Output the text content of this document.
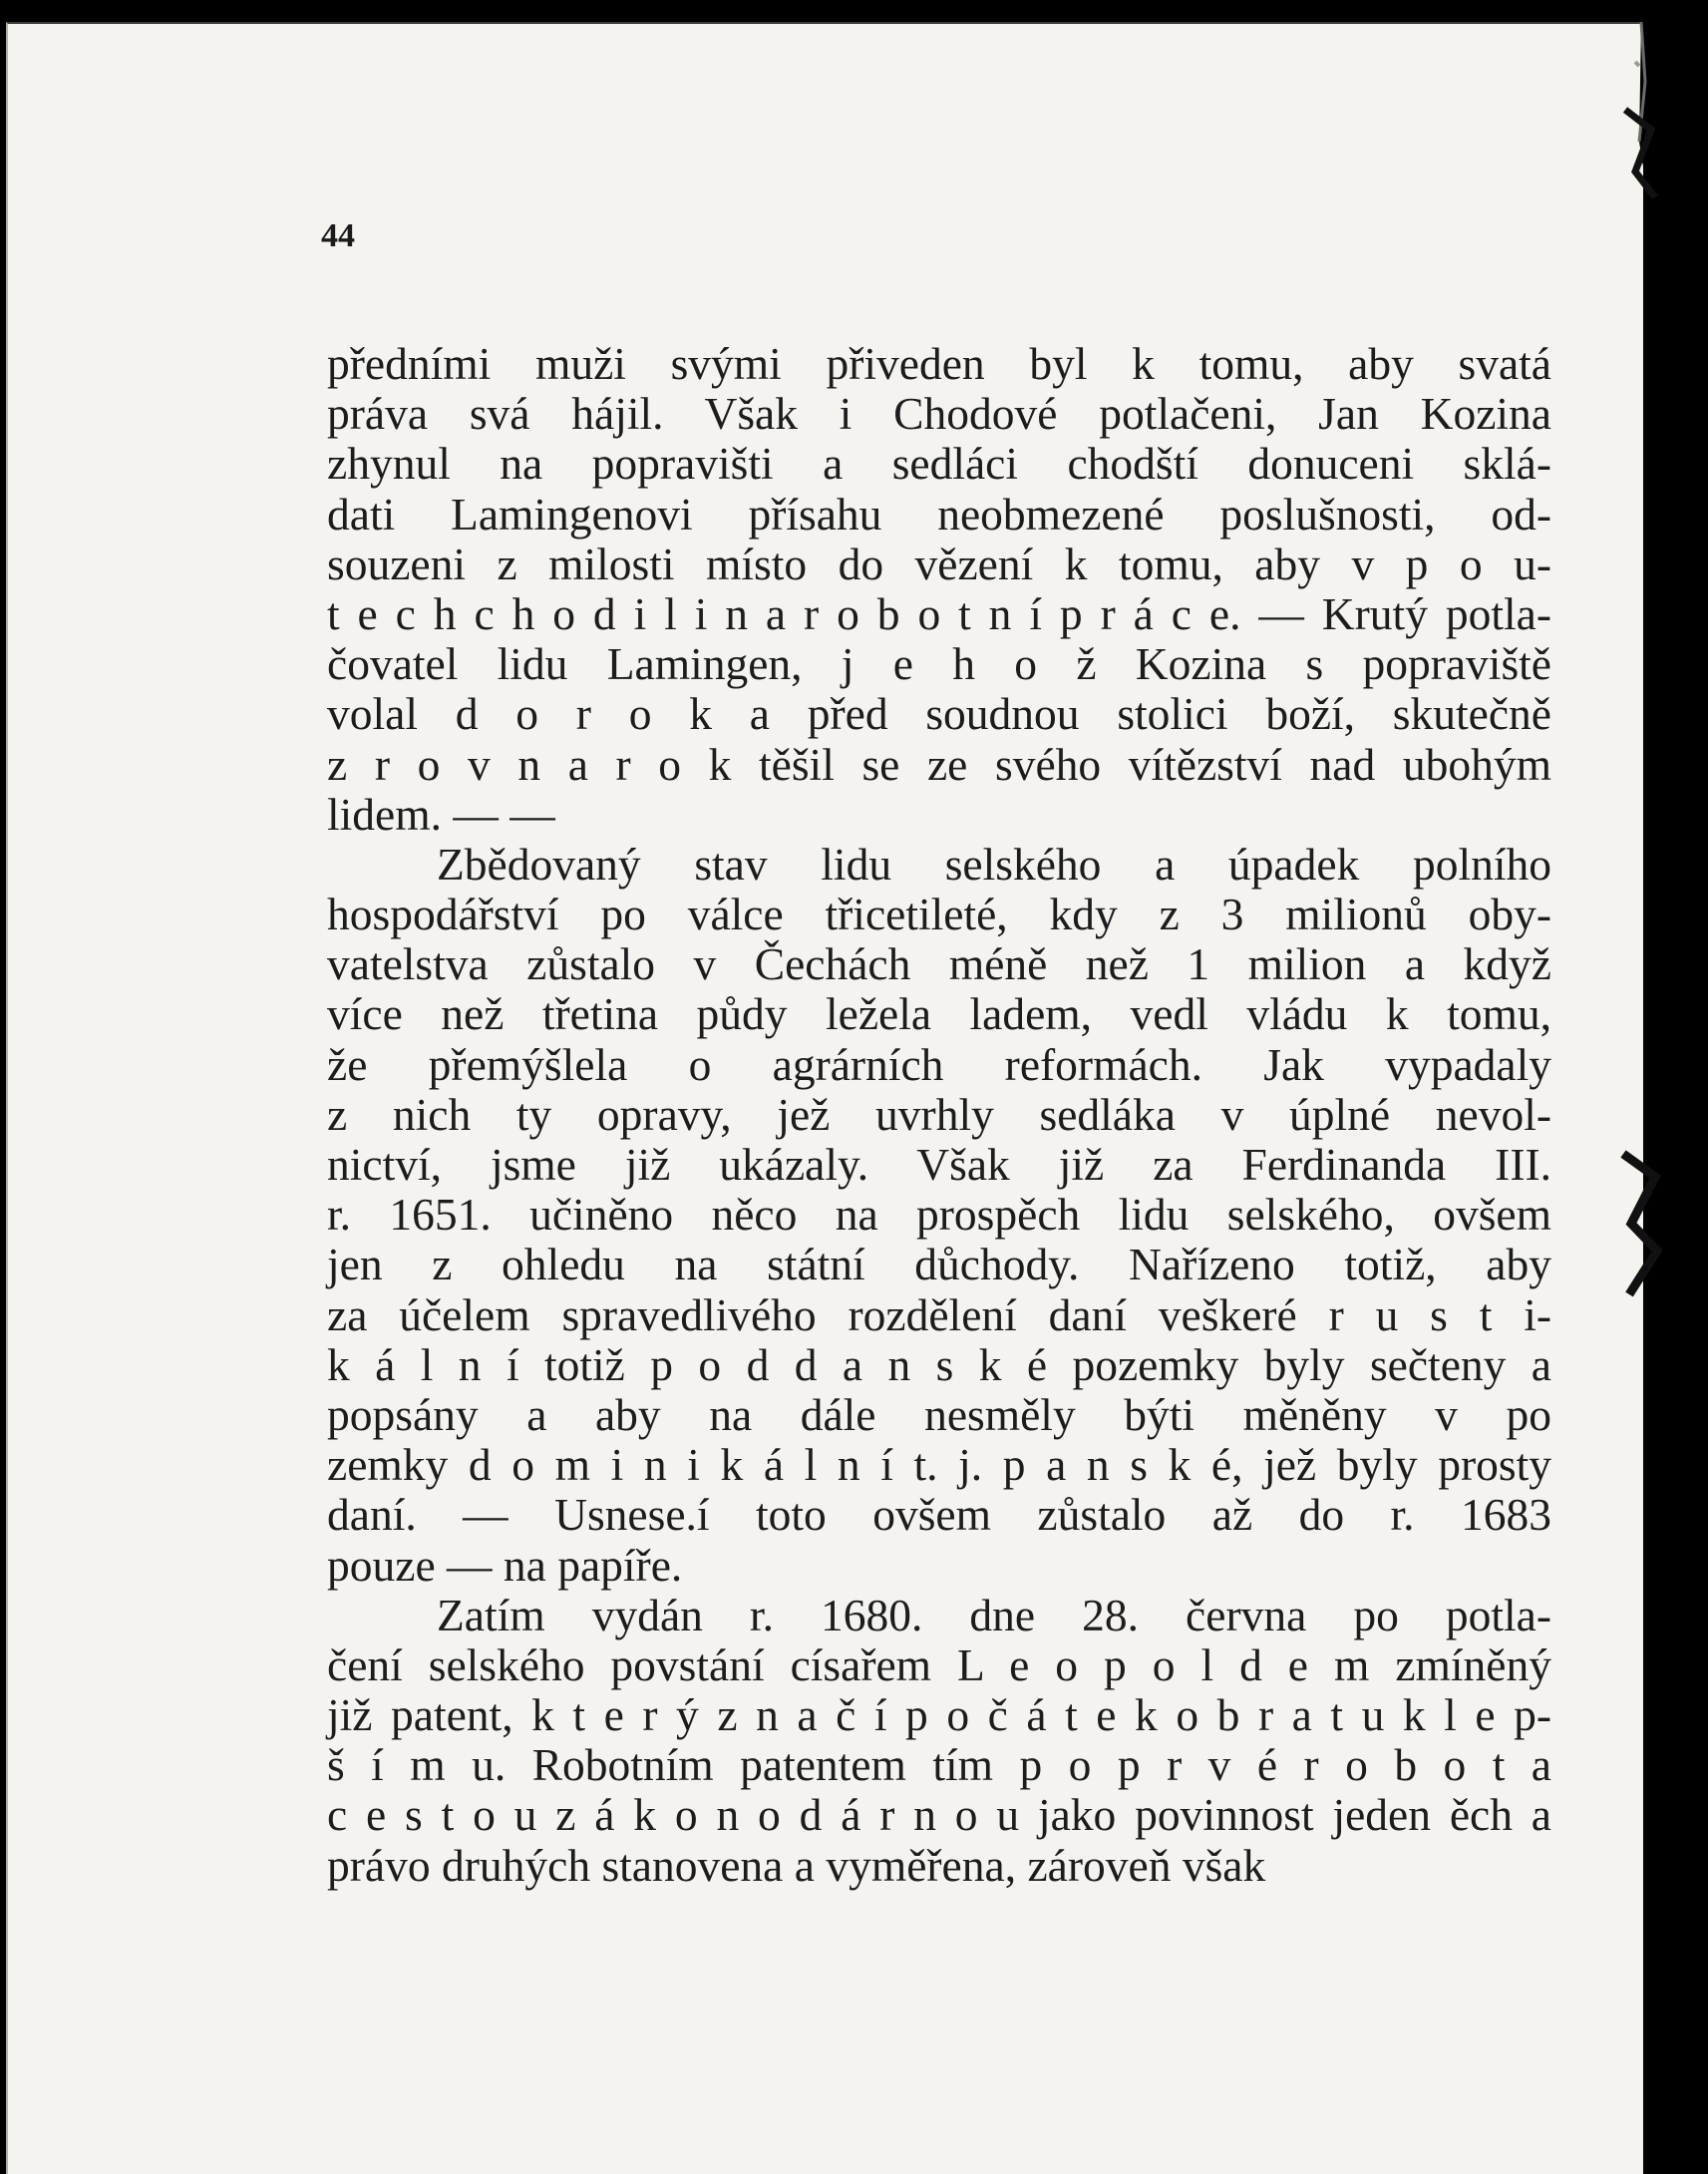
44
předními muži svými přiveden byl k tomu, aby svatá
práva svá hájil. Však i Chodové potlačeni, Jan Kozina
zhynul na popravišti a sedláci chodští donuceni sklá-
dati Lamingenovi přísahu neobmezené poslušnosti, od-
souzeni z milosti místo do vězení k tomu, aby v p o u-
t e c h c h o d i l i n a r o b o t n í p r á c e. — Krutý potla-
čovatel lidu Lamingen, j e h o ž Kozina s popraviště
volal d o r o k a před soudnou stolici boží, skutečně
z r o v n a r o k těšil se ze svého vítězství nad ubohým
lidem. — —
Zbědovaný stav lidu selského a úpadek polního
hospodářství po válce třicetileté, kdy z 3 milionů oby-
vatelstva zůstalo v Čechách méně než 1 milion a když
více než třetina půdy ležela ladem, vedl vládu k tomu,
že přemýšlela o agrárních reformách. Jak vypadaly
z nich ty opravy, jež uvrhly sedláka v úplné nevol-
nictví, jsme již ukázaly. Však již za Ferdinanda III.
r. 1651. učiněno něco na prospěch lidu selského, ovšem
jen z ohledu na státní důchody. Nařízeno totiž, aby
za účelem spravedlivého rozdělení daní veškeré r u s t i-
k á l n í totiž p o d d a n s k é pozemky byly sečteny a
popsány a aby na dále nesměly býti měněny v po
zemky d o m i n i k á l n í t. j. p a n s k é, jež byly prosty
daní. — Usnese.í toto ovšem zůstalo až do r. 1683
pouze — na papíře.
Zatím vydán r. 1680. dne 28. června po potla-
čení selského povstání císařem L e o p o l d e m zmíněný
již patent, k t e r ý z n a č í p o č á t e k o b r a t u k l e p-
š í m u. Robotním patentem tím p o p r v é r o b o t a
c e s t o u z á k o n o d á r n o u jako povinnost jeden ěch a
právo druhých stanovena a vyměřena, zároveň však
